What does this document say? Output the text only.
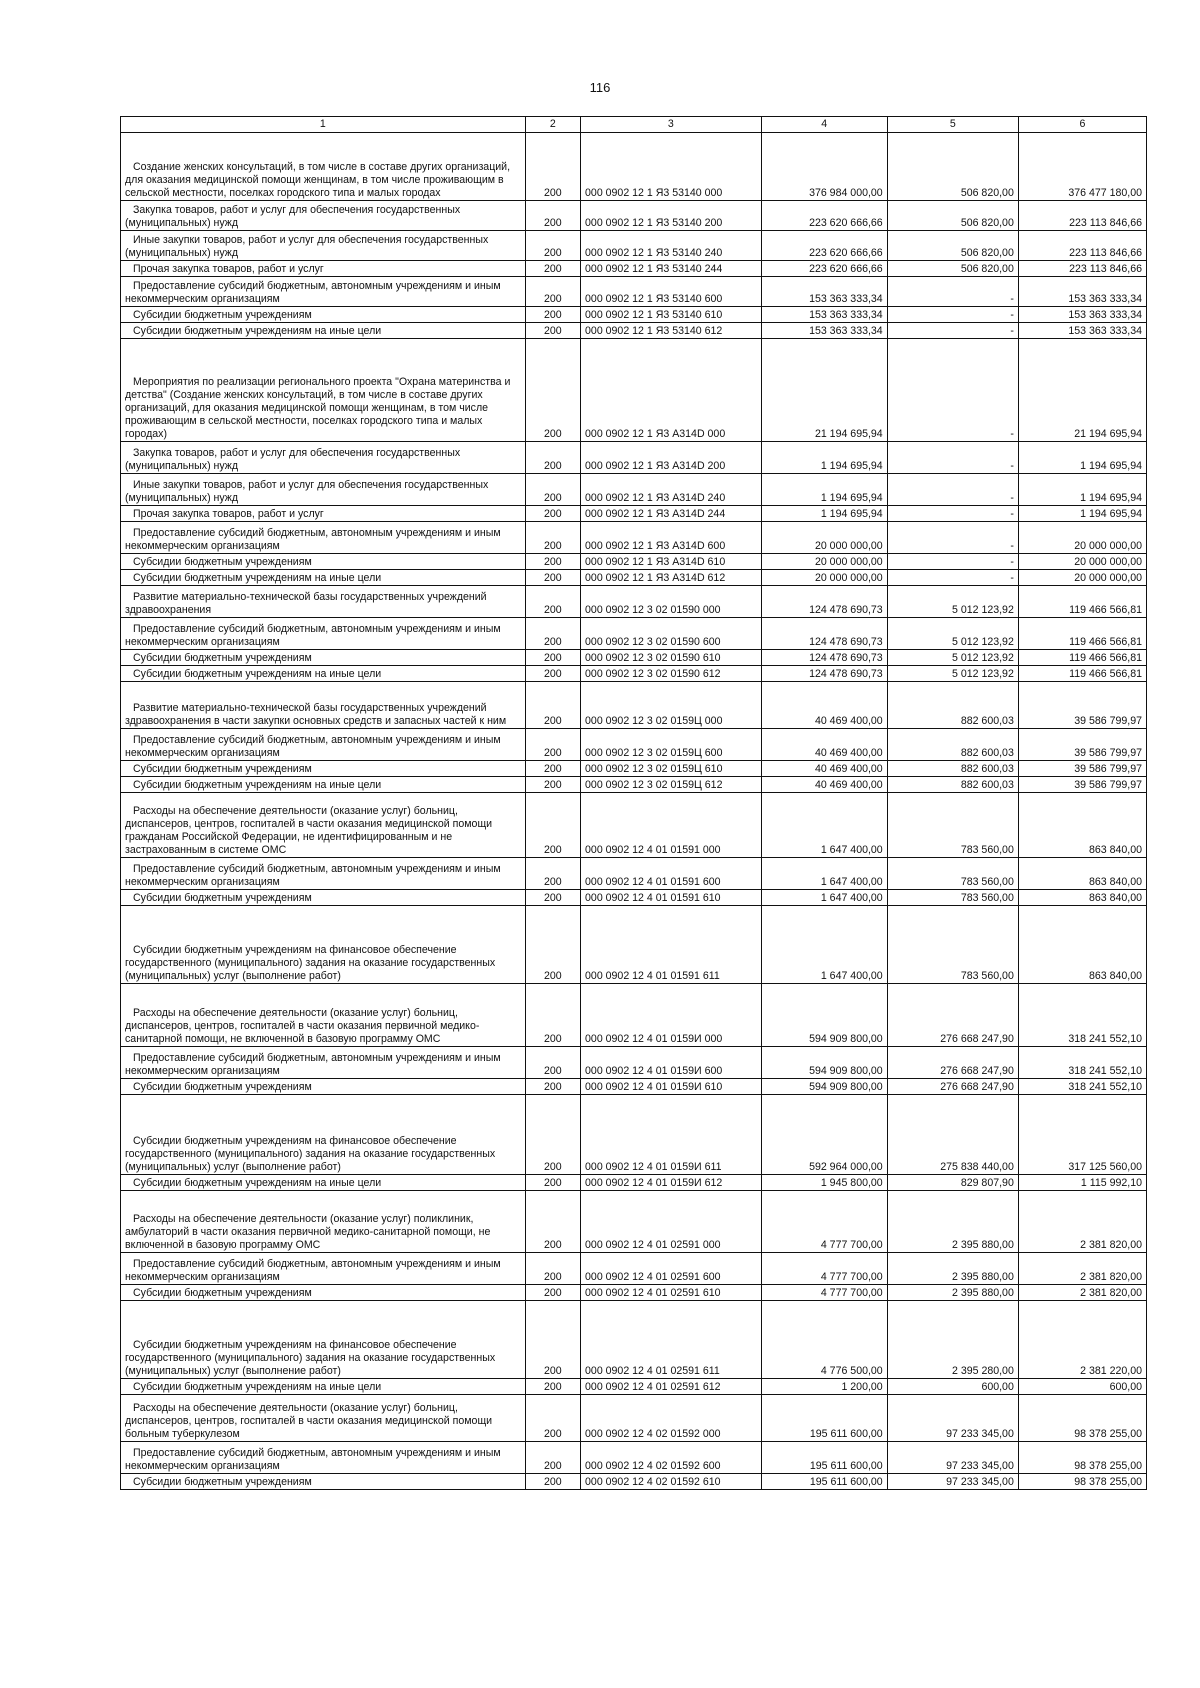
116
1	2	3	4	5	6
Создание женских консультаций, в том числе в составе других организаций, для оказания медицинской помощи женщинам, в том числе проживающим в сельской местности, поселках городского типа и малых городах	200	000 0902 12 1 Я3 53140 000	376 984 000,00	506 820,00	376 477 180,00
Закупка товаров, работ и услуг для обеспечения государственных (муниципальных) нужд	200	000 0902 12 1 Я3 53140 200	223 620 666,66	506 820,00	223 113 846,66
Иные закупки товаров, работ и услуг для обеспечения государственных (муниципальных) нужд	200	000 0902 12 1 Я3 53140 240	223 620 666,66	506 820,00	223 113 846,66
Прочая закупка товаров, работ и услуг	200	000 0902 12 1 Я3 53140 244	223 620 666,66	506 820,00	223 113 846,66
Предоставление субсидий бюджетным, автономным учреждениям и иным некоммерческим организациям	200	000 0902 12 1 Я3 53140 600	153 363 333,34	-	153 363 333,34
Субсидии бюджетным учреждениям	200	000 0902 12 1 Я3 53140 610	153 363 333,34	-	153 363 333,34
Субсидии бюджетным учреждениям на иные цели	200	000 0902 12 1 Я3 53140 612	153 363 333,34	-	153 363 333,34
Мероприятия по реализации регионального проекта "Охрана материнства и детства" (Создание женских консультаций, в том числе в составе других организаций, для оказания медицинской помощи женщинам, в том числе проживающим в сельской местности, поселках городского типа и малых городах)	200	000 0902 12 1 Я3 А314D 000	21 194 695,94	-	21 194 695,94
Закупка товаров, работ и услуг для обеспечения государственных (муниципальных) нужд	200	000 0902 12 1 Я3 А314D 200	1 194 695,94	-	1 194 695,94
Иные закупки товаров, работ и услуг для обеспечения государственных (муниципальных) нужд	200	000 0902 12 1 Я3 А314D 240	1 194 695,94	-	1 194 695,94
Прочая закупка товаров, работ и услуг	200	000 0902 12 1 Я3 А314D 244	1 194 695,94	-	1 194 695,94
Предоставление субсидий бюджетным, автономным учреждениям и иным некоммерческим организациям	200	000 0902 12 1 Я3 А314D 600	20 000 000,00	-	20 000 000,00
Субсидии бюджетным учреждениям	200	000 0902 12 1 Я3 А314D 610	20 000 000,00	-	20 000 000,00
Субсидии бюджетным учреждениям на иные цели	200	000 0902 12 1 Я3 А314D 612	20 000 000,00	-	20 000 000,00
Развитие материально-технической базы государственных учреждений здравоохранения	200	000 0902 12 3 02 01590 000	124 478 690,73	5 012 123,92	119 466 566,81
Предоставление субсидий бюджетным, автономным учреждениям и иным некоммерческим организациям	200	000 0902 12 3 02 01590 600	124 478 690,73	5 012 123,92	119 466 566,81
Субсидии бюджетным учреждениям	200	000 0902 12 3 02 01590 610	124 478 690,73	5 012 123,92	119 466 566,81
Субсидии бюджетным учреждениям на иные цели	200	000 0902 12 3 02 01590 612	124 478 690,73	5 012 123,92	119 466 566,81
Развитие материально-технической базы государственных учреждений здравоохранения в части закупки основных средств и запасных частей к ним	200	000 0902 12 3 02 0159Ц 000	40 469 400,00	882 600,03	39 586 799,97
Предоставление субсидий бюджетным, автономным учреждениям и иным некоммерческим организациям	200	000 0902 12 3 02 0159Ц 600	40 469 400,00	882 600,03	39 586 799,97
Субсидии бюджетным учреждениям	200	000 0902 12 3 02 0159Ц 610	40 469 400,00	882 600,03	39 586 799,97
Субсидии бюджетным учреждениям на иные цели	200	000 0902 12 3 02 0159Ц 612	40 469 400,00	882 600,03	39 586 799,97
Расходы на обеспечение деятельности (оказание услуг) больниц, диспансеров, центров, госпиталей в части оказания медицинской помощи гражданам Российской Федерации, не идентифицированным и не застрахованным в системе ОМС	200	000 0902 12 4 01 01591 000	1 647 400,00	783 560,00	863 840,00
Предоставление субсидий бюджетным, автономным учреждениям и иным некоммерческим организациям	200	000 0902 12 4 01 01591 600	1 647 400,00	783 560,00	863 840,00
Субсидии бюджетным учреждениям	200	000 0902 12 4 01 01591 610	1 647 400,00	783 560,00	863 840,00
Субсидии бюджетным учреждениям на финансовое обеспечение государственного (муниципального) задания на оказание государственных (муниципальных) услуг (выполнение работ)	200	000 0902 12 4 01 01591 611	1 647 400,00	783 560,00	863 840,00
Расходы на обеспечение деятельности (оказание услуг) больниц, диспансеров, центров, госпиталей в части оказания первичной медико-санитарной помощи, не включенной в базовую программу ОМС	200	000 0902 12 4 01 0159И 000	594 909 800,00	276 668 247,90	318 241 552,10
Предоставление субсидий бюджетным, автономным учреждениям и иным некоммерческим организациям	200	000 0902 12 4 01 0159И 600	594 909 800,00	276 668 247,90	318 241 552,10
Субсидии бюджетным учреждениям	200	000 0902 12 4 01 0159И 610	594 909 800,00	276 668 247,90	318 241 552,10
Субсидии бюджетным учреждениям на финансовое обеспечение государственного (муниципального) задания на оказание государственных (муниципальных) услуг (выполнение работ)	200	000 0902 12 4 01 0159И 611	592 964 000,00	275 838 440,00	317 125 560,00
Субсидии бюджетным учреждениям на иные цели	200	000 0902 12 4 01 0159И 612	1 945 800,00	829 807,90	1 115 992,10
Расходы на обеспечение деятельности (оказание услуг) поликлиник, амбулаторий в части оказания первичной медико-санитарной помощи, не включенной в базовую программу ОМС	200	000 0902 12 4 01 02591 000	4 777 700,00	2 395 880,00	2 381 820,00
Предоставление субсидий бюджетным, автономным учреждениям и иным некоммерческим организациям	200	000 0902 12 4 01 02591 600	4 777 700,00	2 395 880,00	2 381 820,00
Субсидии бюджетным учреждениям	200	000 0902 12 4 01 02591 610	4 777 700,00	2 395 880,00	2 381 820,00
Субсидии бюджетным учреждениям на финансовое обеспечение государственного (муниципального) задания на оказание государственных (муниципальных) услуг (выполнение работ)	200	000 0902 12 4 01 02591 611	4 776 500,00	2 395 280,00	2 381 220,00
Субсидии бюджетным учреждениям на иные цели	200	000 0902 12 4 01 02591 612	1 200,00	600,00	600,00
Расходы на обеспечение деятельности (оказание услуг) больниц, диспансеров, центров, госпиталей в части оказания медицинской помощи больным туберкулезом	200	000 0902 12 4 02 01592 000	195 611 600,00	97 233 345,00	98 378 255,00
Предоставление субсидий бюджетным, автономным учреждениям и иным некоммерческим организациям	200	000 0902 12 4 02 01592 600	195 611 600,00	97 233 345,00	98 378 255,00
Субсидии бюджетным учреждениям	200	000 0902 12 4 02 01592 610	195 611 600,00	97 233 345,00	98 378 255,00
